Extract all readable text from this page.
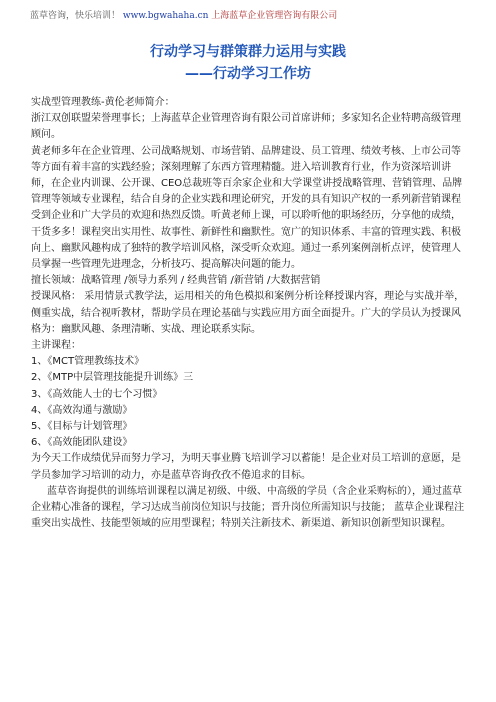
蓝草咨询，快乐培训！ www.bgwahaha.cn 上海蓝草企业管理咨询有限公司
行动学习与群策群力运用与实践
——行动学习工作坊

实战型管理教练-黄伦老师简介：

浙江双创联盟荣誉理事长；上海蓝草企业管理咨询有限公司首席讲师；多家知名企业特聘高级管理顾问。

黄老师多年在企业管理、公司战略规划、市场营销、品牌建设、员工管理、绩效考核、上市公司等等方面有着丰富的实践经验；深刻理解了东西方管理精髓。进入培训教育行业，作为资深培训讲师，在企业内训课、公开课、CEO总裁班等百余家企业和大学课堂讲授战略管理、营销管理、品牌管理等领域专业课程，结合自身的企业实践和理论研究，开发的具有知识产权的一系列新营销课程受到企业和广大学员的欢迎和热烈反馈。听黄老师上课，可以聆听他的职场经历，分享他的成绩，干货多多！课程突出实用性、故事性、新鲜性和幽默性。宽广的知识体系、丰富的管理实践、积极向上、幽默风趣构成了独特的教学培训风格，深受听众欢迎。通过一系列案例剖析点评，使管理人员掌握一些管理先进理念，分析技巧、提高解决问题的能力。

擅长领域：战略管理 /领导力系列 / 经典营销 /新营销 /大数据营销

授课风格： 采用情景式教学法，运用相关的角色模拟和案例分析诠释授课内容，理论与实战并举，侧重实战，结合视听教材，帮助学员在理论基础与实践应用方面全面提升。广大的学员认为授课风格为：幽默风趣、条理清晰、实战、理论联系实际。

主讲课程：

1、《MCT管理教练技术》

2、《MTP中层管理技能提升训练》三

3、《高效能人士的七个习惯》

4、《高效沟通与激励》

5、《目标与计划管理》

6、《高效能团队建设》

为今天工作成绩优异而努力学习，为明天事业腾飞培训学习以蓄能！是企业对员工培训的意愿，是学员参加学习培训的动力，亦是蓝草咨询孜孜不倦追求的目标。

蓝草咨询提供的训练培训课程以满足初级、中级、中高级的学员（含企业采购标的），通过蓝草企业精心准备的课程，学习达成当前岗位知识与技能；晋升岗位所需知识与技能； 蓝草企业课程注重突出实战性、技能型领域的应用型课程；特别关注新技术、新渠道、新知识创新型知识课程。
